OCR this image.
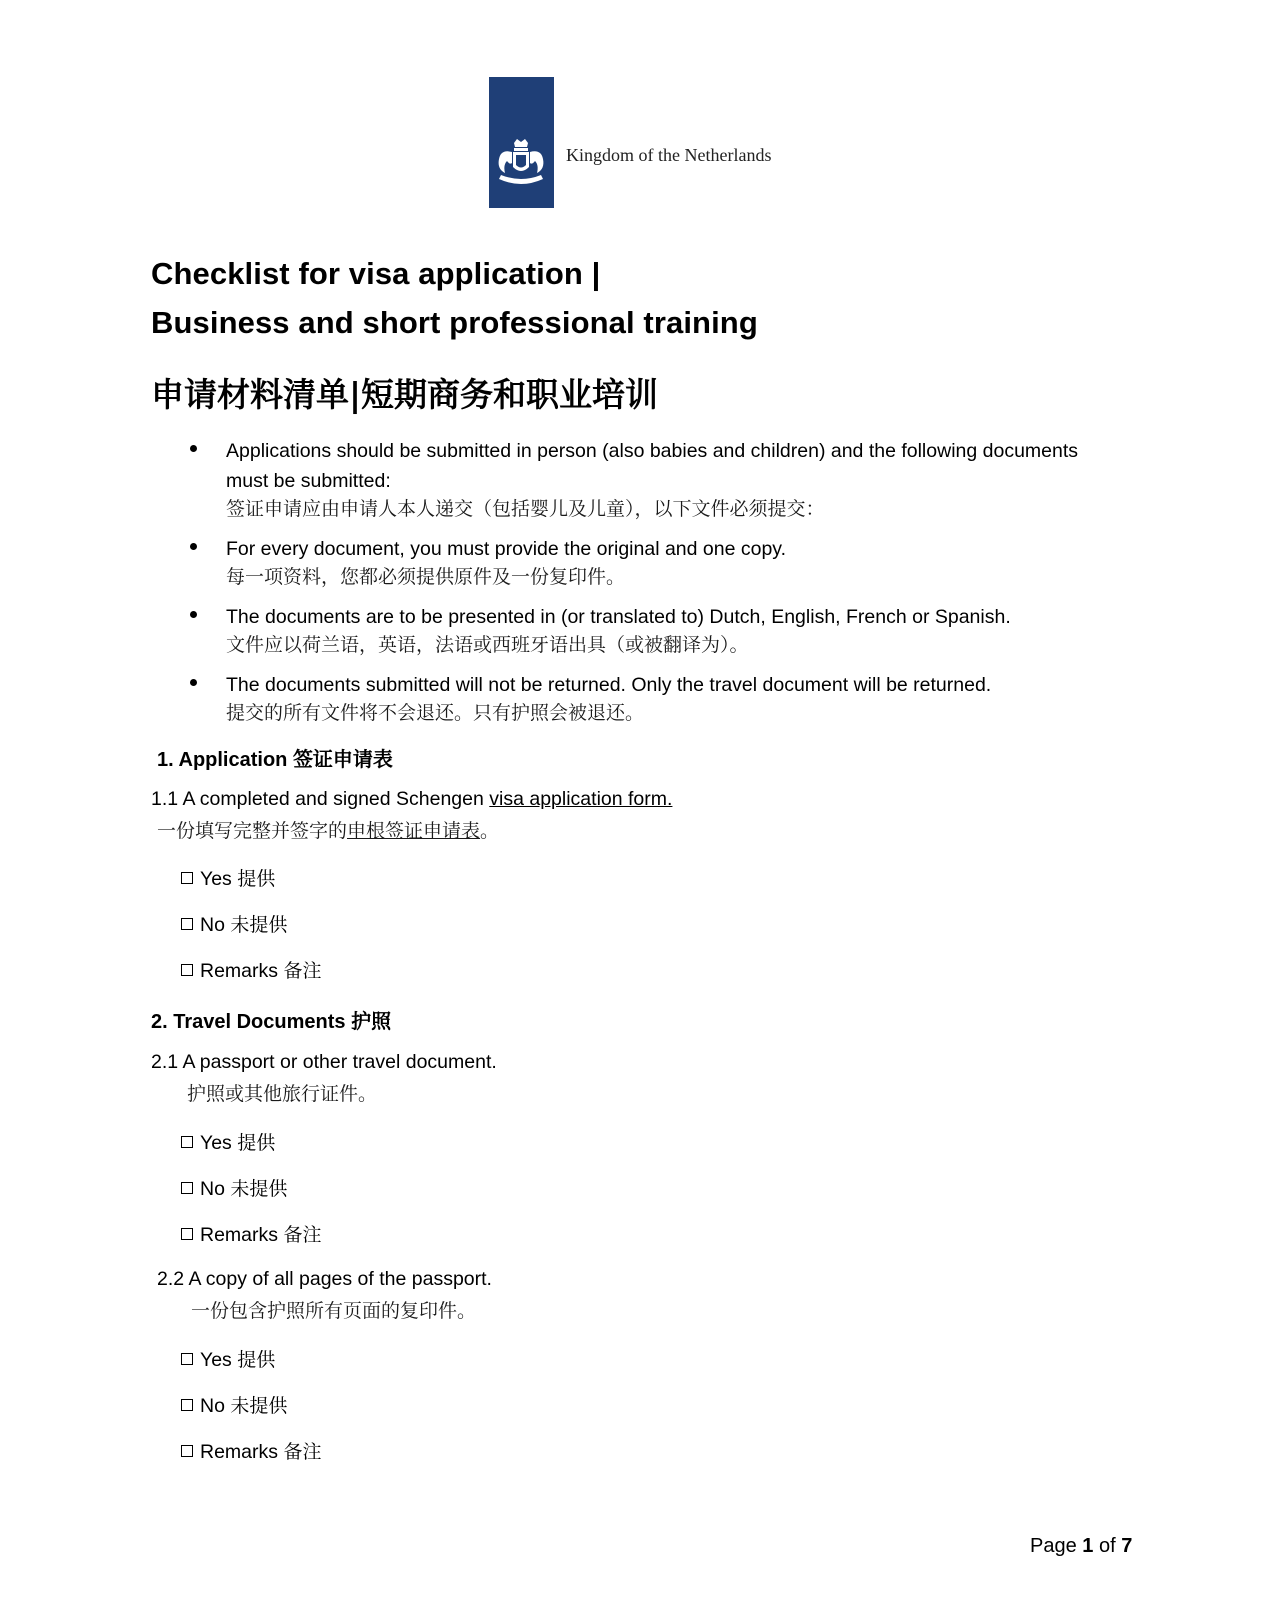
Kingdom of the Netherlands
Checklist for visa application |
Business and short professional training
申请材料清单|短期商务和职业培训
Applications should be submitted in person (also babies and children) and the following documents must be submitted:
签证申请应由申请人本人递交（包括婴儿及儿童），以下文件必须提交：
For every document, you must provide the original and one copy.
每一项资料，您都必须提供原件及一份复印件。
The documents are to be presented in (or translated to) Dutch, English, French or Spanish.
文件应以荷兰语，英语，法语或西班牙语出具（或被翻译为）。
The documents submitted will not be returned. Only the travel document will be returned.
提交的所有文件将不会退还。只有护照会被退还。
1. Application 签证申请表
1.1 A completed and signed Schengen visa application form.
一份填写完整并签字的申根签证申请表。
Yes 提供
No 未提供
Remarks 备注
2. Travel Documents 护照
2.1 A passport or other travel document.
护照或其他旅行证件。
Yes 提供
No 未提供
Remarks 备注
2.2 A copy of all pages of the passport.
一份包含护照所有页面的复印件。
Yes 提供
No 未提供
Remarks 备注
Page 1 of 7
